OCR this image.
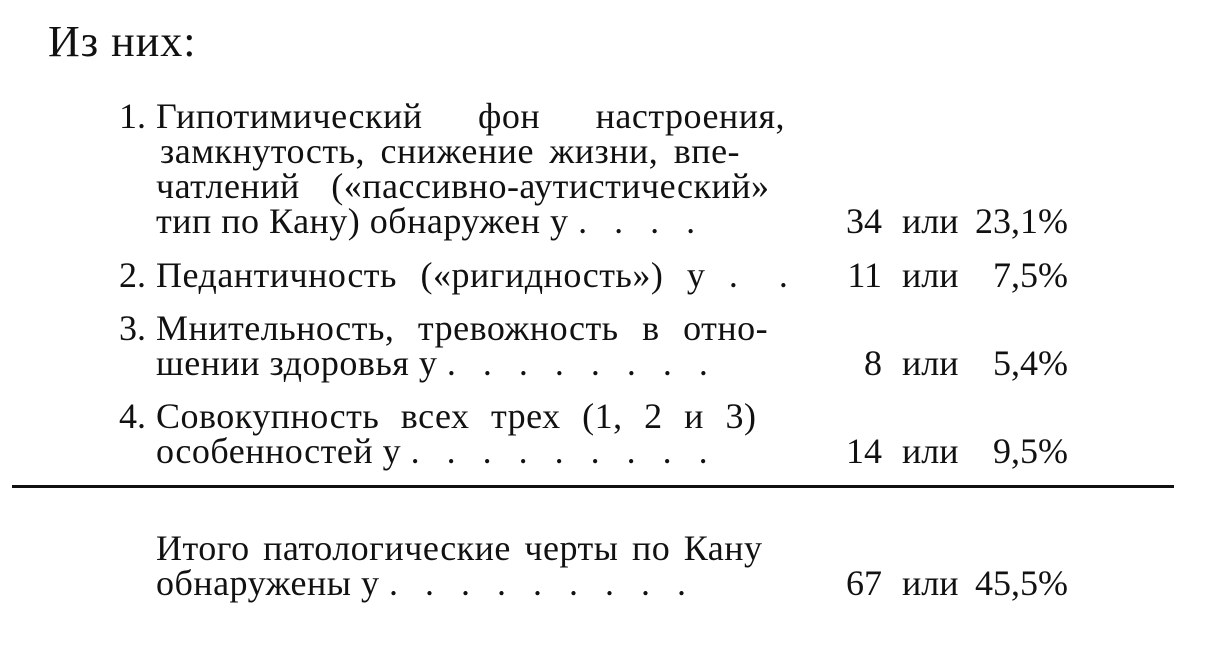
Из них:
1. Гипотимический фон настроения,
замкнутость, снижение жизни, впе-
чатлений («пассивно-аутистический»
тип по Кану) обнаружен у . . . .	34 или 23,1%
2. Педантичность («ригидность») у . . 11 или 7,5%
3. Мнительность, тревожность в отно-
шении здоровья у . . . . . . . .	8 или 5,4%
4. Совокупность всех трех (1, 2 и 3)
особенностей у . . . . . . . . .	14 или 9,5%
Итого патологические черты по Кану
обнаружены у . . . . . . . . .	67 или 45,5%
